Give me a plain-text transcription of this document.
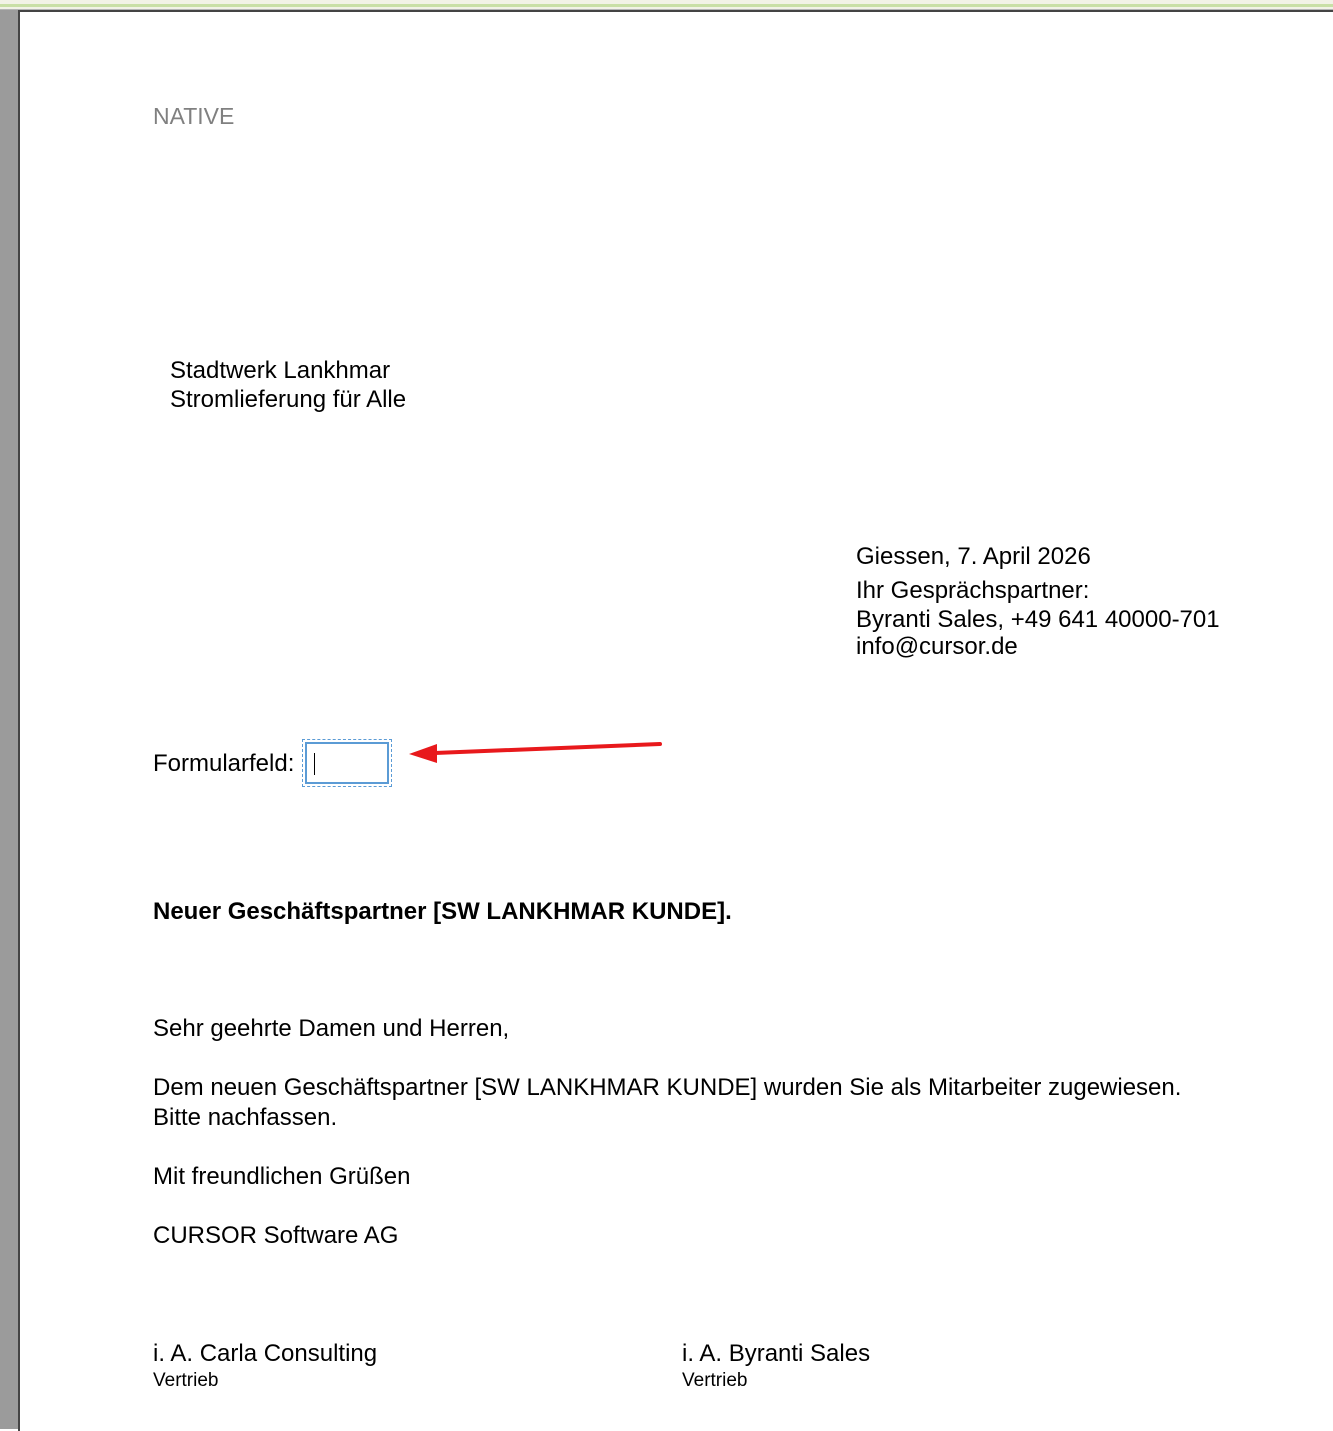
NATIVE
Stadtwerk Lankhmar
Stromlieferung für Alle
Giessen, 7. April 2026
Ihr Gesprächspartner:
Byranti Sales, +49 641 40000-701
info@cursor.de
Formularfeld:
Neuer Geschäftspartner [SW LANKHMAR KUNDE].
Sehr geehrte Damen und Herren,
Dem neuen Geschäftspartner [SW LANKHMAR KUNDE] wurden Sie als Mitarbeiter zugewiesen.
Bitte nachfassen.
Mit freundlichen Grüßen
CURSOR Software AG
i. A. Carla Consulting
Vertrieb
i. A. Byranti Sales
Vertrieb
